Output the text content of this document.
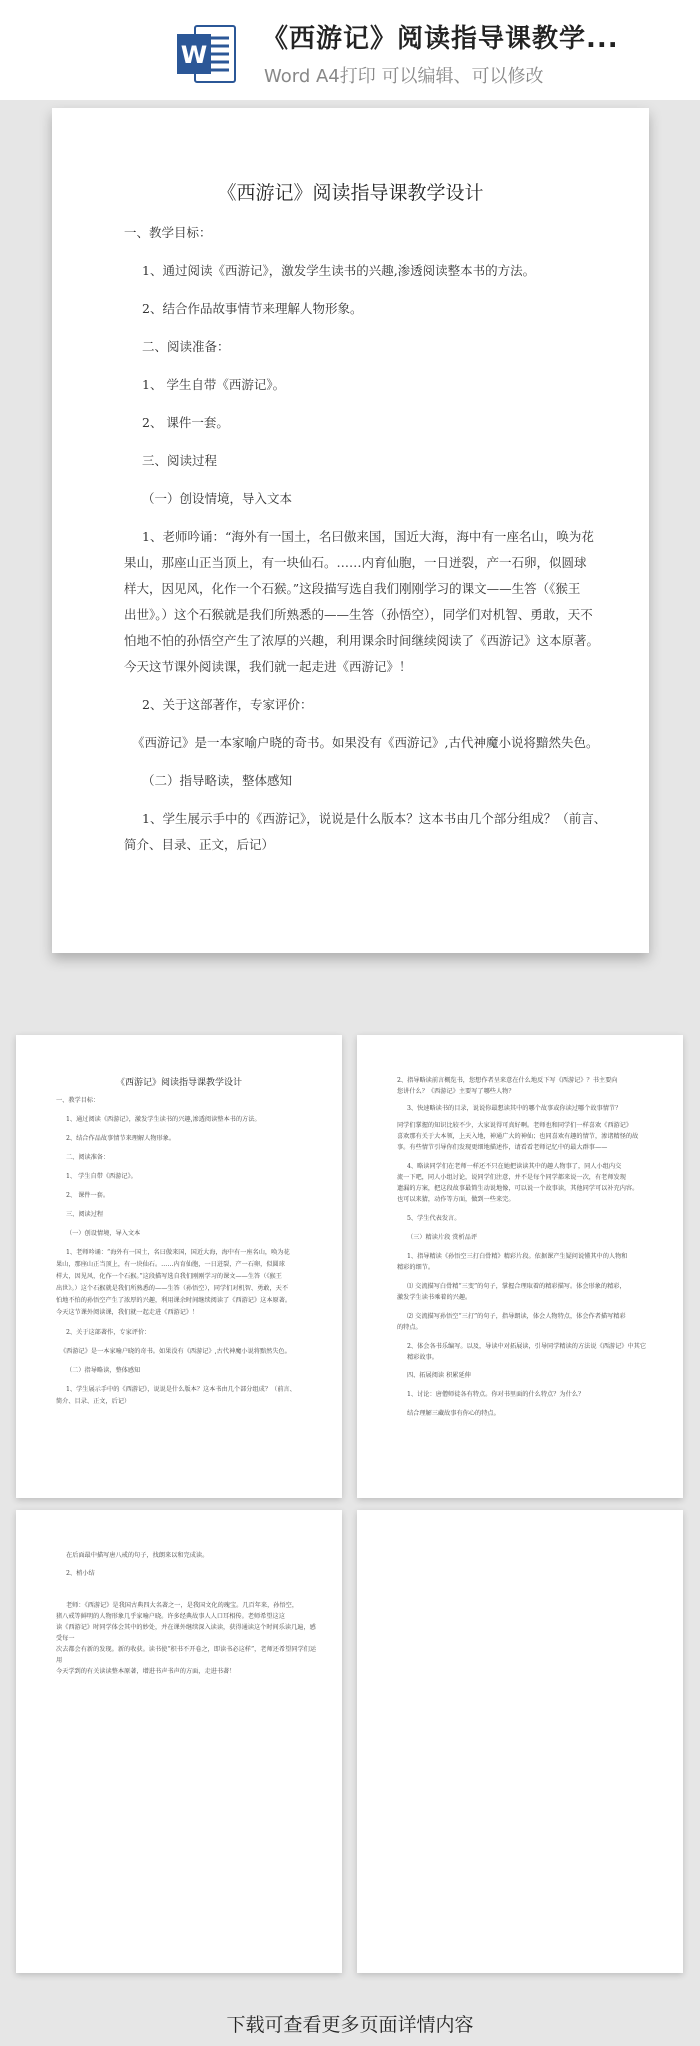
W
《西游记》阅读指导课教学...
Word A4打印 可以编辑、可以修改
《西游记》阅读指导课教学设计
一、教学目标：
1、通过阅读《西游记》，激发学生读书的兴趣,渗透阅读整本书的方法。
2、结合作品故事情节来理解人物形象。
二、阅读准备：
1、 学生自带《西游记》。
2、 课件一套。
三、阅读过程
（一）创设情境，导入文本
1、老师吟诵：“海外有一国土，名曰傲来国，国近大海，海中有一座名山，唤为花
果山，那座山正当顶上，有一块仙石。……内育仙胞，一日迸裂，产一石卵，似圆球
样大，因见风，化作一个石猴。”这段描写选自我们刚刚学习的课文——生答（《猴王
出世》。）这个石猴就是我们所熟悉的——生答（孙悟空），同学们对机智、勇敢，天不
怕地不怕的孙悟空产生了浓厚的兴趣，利用课余时间继续阅读了《西游记》这本原著。
今天这节课外阅读课，我们就一起走进《西游记》！
2、关于这部著作，专家评价：
《西游记》是一本家喻户晓的奇书。如果没有《西游记》,古代神魔小说将黯然失色。
（二）指导略读，整体感知
1、学生展示手中的《西游记》，说说是什么版本？这本书由几个部分组成？（前言、
简介、目录、正文，后记）
《西游记》阅读指导课教学设计
一、教学目标：
1、通过阅读《西游记》，激发学生读书的兴趣,渗透阅读整本书的方法。
2、结合作品故事情节来理解人物形象。
二、阅读准备：
1、 学生自带《西游记》。
2、 课件一套。
三、阅读过程
（一）创设情境，导入文本
1、老师吟诵：“海外有一国土，名曰傲来国，国近大海，海中有一座名山，唤为花
果山，那座山正当顶上，有一块仙石。……内育仙胞，一日迸裂，产一石卵，似圆球
样大，因见风，化作一个石猴。”这段描写选自我们刚刚学习的课文——生答（《猴王
出世》。）这个石猴就是我们所熟悉的——生答（孙悟空），同学们对机智、勇敢，天不
怕地不怕的孙悟空产生了浓厚的兴趣，利用课余时间继续阅读了《西游记》这本原著。
今天这节课外阅读课，我们就一起走进《西游记》！
2、关于这部著作，专家评价：
《西游记》是一本家喻户晓的奇书。如果没有《西游记》,古代神魔小说将黯然失色。
（二）指导略读，整体感知
1、学生展示手中的《西游记》，说说是什么版本？这本书由几个部分组成？（前言、
简介、目录、正文，后记）
2、指导略读前言概览书，您想作者呈来意在什么地反下写《西游记》？书主要向
您讲什么？《西游记》主要写了哪些人物？
3、快速略读书的目录，说说你最想读其中的哪个故事或你读过哪个故事情节？
同学们掌握的知识比较不少，大家说得可真好啊。老师也和同学们一样喜欢《西游记》
喜欢那有关于大本领，上天入地，神通广大的神仙；也同喜欢有趣的情节，渗诸精怪的故
事。有些情节引导你们发现更细地描述作，请看看老师记忆中的最大群事——
4、略读同学们在老师一样还不只在她把读读其中的趣人物事了，同人小组内交
流一下吧，同人小组讨论，说同学们注意，并不是每个同学都来说一次，有老师发现
遗漏的方案，把这段故事最简生动说地像，可以说一个故事读，其他同学可以补充内容。
也可以来猜，动作等方面，做到一些来完。
5、学生代表发言。
（三）精读片段 赏析品评
1、指导精读《孙悟空三打白骨精》精彩片段。依据课产生疑问说懂其中的人物和
精彩的细节。
⑴ 交流描写白骨精“三变”的句子，掌握合理取着的精彩描写。体会形象的精彩，
激发学生读书乘着的兴趣。
⑵ 交流描写孙悟空“三打”的句子，指导朗读，体会人物特点，体会作者描写精彩
的特点。
2、体会各书乐编写。以及，导读中对拓展读，引导同学精读的方法说《西游记》中其它精彩故事。
四、拓展阅读 积累延伸
1、讨论：唐僧师徒各有特点。你对书里面的什么特点？为什么？
结合理解三藏故事有你心的特点。
在后面最中描写唐八戒的句子，找朗来以和完成读。
2、梢小结
老师：《西游记》是我国古典四大名著之一，是我国文化的瑰宝。几百年来，孙悟空，
猪八戒等鲜明的人物形象几乎家喻户晓。许多经典故事人人口耳相传。老师希望这这
读《西游记》时同学体会其中的妙处，并在课外继续深入读读，获得通读这个时间乐读几遍，感受每一
次去都会有新的发现。新的收获。读书使“积书不开卷之，即读书必这样”，老师还希望同学们运用
今天学到的有关读读整本原著，增进书声书声的方面，走进书著！
下载可查看更多页面详情内容
